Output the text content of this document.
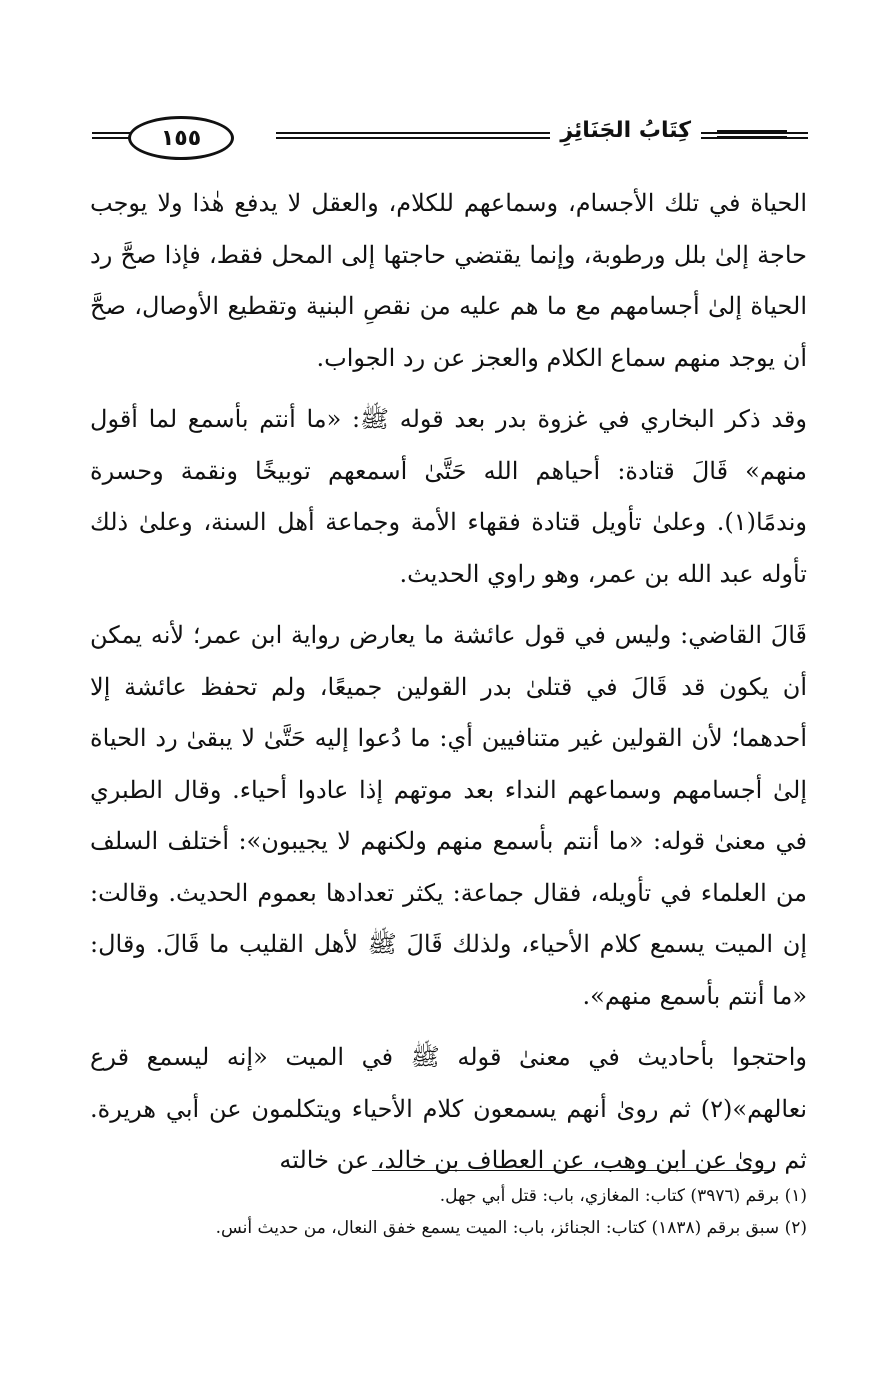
١٥٥	كِتَابُ الجَنَائِزِ

الحياة في تلك الأجسام، وسماعهم للكلام، والعقل لا يدفع هٰذا ولا يوجب حاجة إلىٰ بلل ورطوبة، وإنما يقتضي حاجتها إلى المحل فقط، فإذا صحَّ رد الحياة إلىٰ أجسامهم مع ما هم عليه من نقصِ البنية وتقطيع الأوصال، صحَّ أن يوجد منهم سماع الكلام والعجز عن رد الجواب.

وقد ذكر البخاري في غزوة بدر بعد قوله ﷺ: «ما أنتم بأسمع لما أقول منهم» قَالَ قتادة: أحياهم الله حَتَّىٰ أسمعهم توبيخًا ونقمة وحسرة وندمًا(١). وعلىٰ تأويل قتادة فقهاء الأمة وجماعة أهل السنة، وعلىٰ ذلك تأوله عبد الله بن عمر، وهو راوي الحديث.

قَالَ القاضي: وليس في قول عائشة ما يعارض رواية ابن عمر؛ لأنه يمكن أن يكون قد قَالَ في قتلىٰ بدر القولين جميعًا، ولم تحفظ عائشة إلا أحدهما؛ لأن القولين غير متنافيين أي: ما دُعوا إليه حَتَّىٰ لا يبقىٰ رد الحياة إلىٰ أجسامهم وسماعهم النداء بعد موتهم إذا عادوا أحياء. وقال الطبري في معنىٰ قوله: «ما أنتم بأسمع منهم ولكنهم لا يجيبون»: أختلف السلف من العلماء في تأويله، فقال جماعة: يكثر تعدادها بعموم الحديث. وقالت: إن الميت يسمع كلام الأحياء، ولذلك قَالَ ﷺ لأهل القليب ما قَالَ. وقال: «ما أنتم بأسمع منهم».

واحتجوا بأحاديث في معنىٰ قوله ﷺ في الميت «إنه ليسمع قرع نعالهم»(٢) ثم روىٰ أنهم يسمعون كلام الأحياء ويتكلمون عن أبي هريرة. ثم روىٰ عن ابن وهب، عن العطاف بن خالد، عن خالته

(١) برقم (٣٩٧٦) كتاب: المغازي، باب: قتل أبي جهل.

(٢) سبق برقم (١٨٣٨) كتاب: الجنائز، باب: الميت يسمع خفق النعال، من حديث أنس.
